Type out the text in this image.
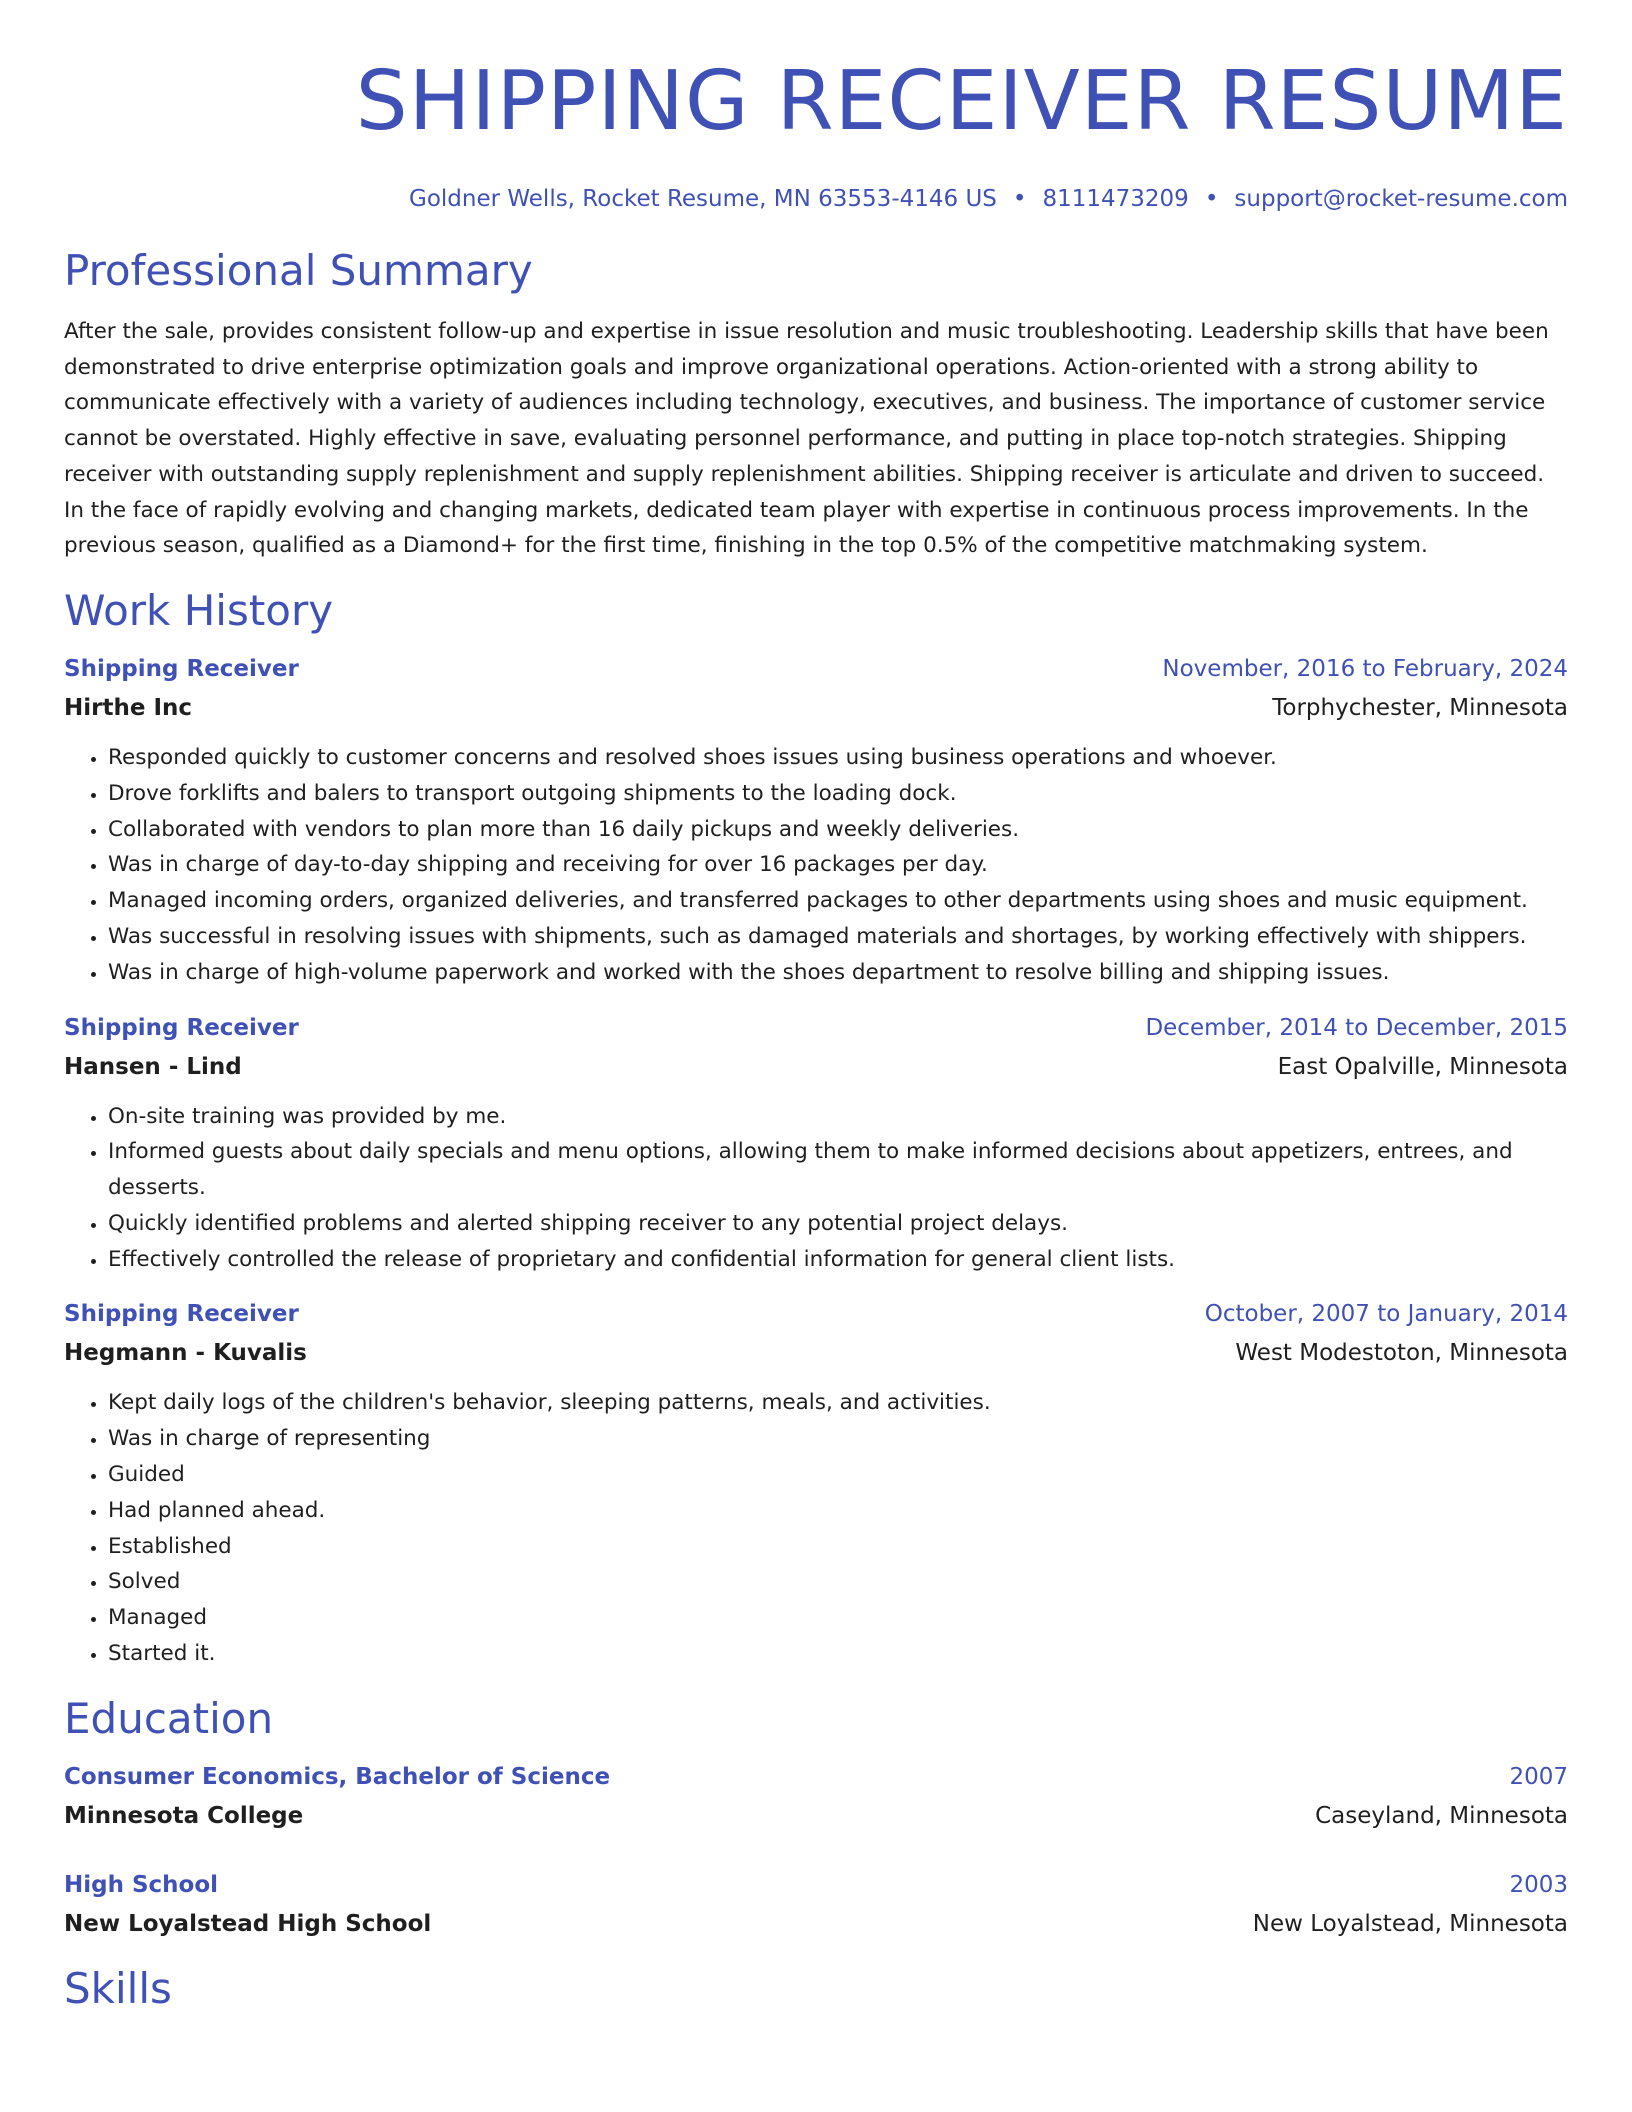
SHIPPING RECEIVER RESUME
Goldner Wells, Rocket Resume, MN 63553-4146 US • 8111473209 • support@rocket-resume.com
Professional Summary

After the sale, provides consistent follow-up and expertise in issue resolution and music troubleshooting. Leadership skills that have been demonstrated to drive enterprise optimization goals and improve organizational operations. Action-oriented with a strong ability to communicate effectively with a variety of audiences including technology, executives, and business. The importance of customer service cannot be overstated. Highly effective in save, evaluating personnel performance, and putting in place top-notch strategies. Shipping receiver with outstanding supply replenishment and supply replenishment abilities. Shipping receiver is articulate and driven to succeed. In the face of rapidly evolving and changing markets, dedicated team player with expertise in continuous process improvements. In the previous season, qualified as a Diamond+ for the first time, finishing in the top 0.5% of the competitive matchmaking system.

Work History
Shipping Receiver	November, 2016 to February, 2024
Hirthe Inc	Torphychester, Minnesota
• Responded quickly to customer concerns and resolved shoes issues using business operations and whoever.
• Drove forklifts and balers to transport outgoing shipments to the loading dock.
• Collaborated with vendors to plan more than 16 daily pickups and weekly deliveries.
• Was in charge of day-to-day shipping and receiving for over 16 packages per day.
• Managed incoming orders, organized deliveries, and transferred packages to other departments using shoes and music equipment.
• Was successful in resolving issues with shipments, such as damaged materials and shortages, by working effectively with shippers.
• Was in charge of high-volume paperwork and worked with the shoes department to resolve billing and shipping issues.
Shipping Receiver	December, 2014 to December, 2015
Hansen - Lind	East Opalville, Minnesota
• On-site training was provided by me.
• Informed guests about daily specials and menu options, allowing them to make informed decisions about appetizers, entrees, and desserts.
• Quickly identified problems and alerted shipping receiver to any potential project delays.
• Effectively controlled the release of proprietary and confidential information for general client lists.
Shipping Receiver	October, 2007 to January, 2014
Hegmann - Kuvalis	West Modestoton, Minnesota
• Kept daily logs of the children's behavior, sleeping patterns, meals, and activities.
• Was in charge of representing
• Guided
• Had planned ahead.
• Established
• Solved
• Managed
• Started it.
Education
Consumer Economics, Bachelor of Science	2007
Minnesota College	Caseyland, Minnesota
High School	2003
New Loyalstead High School	New Loyalstead, Minnesota
Skills
